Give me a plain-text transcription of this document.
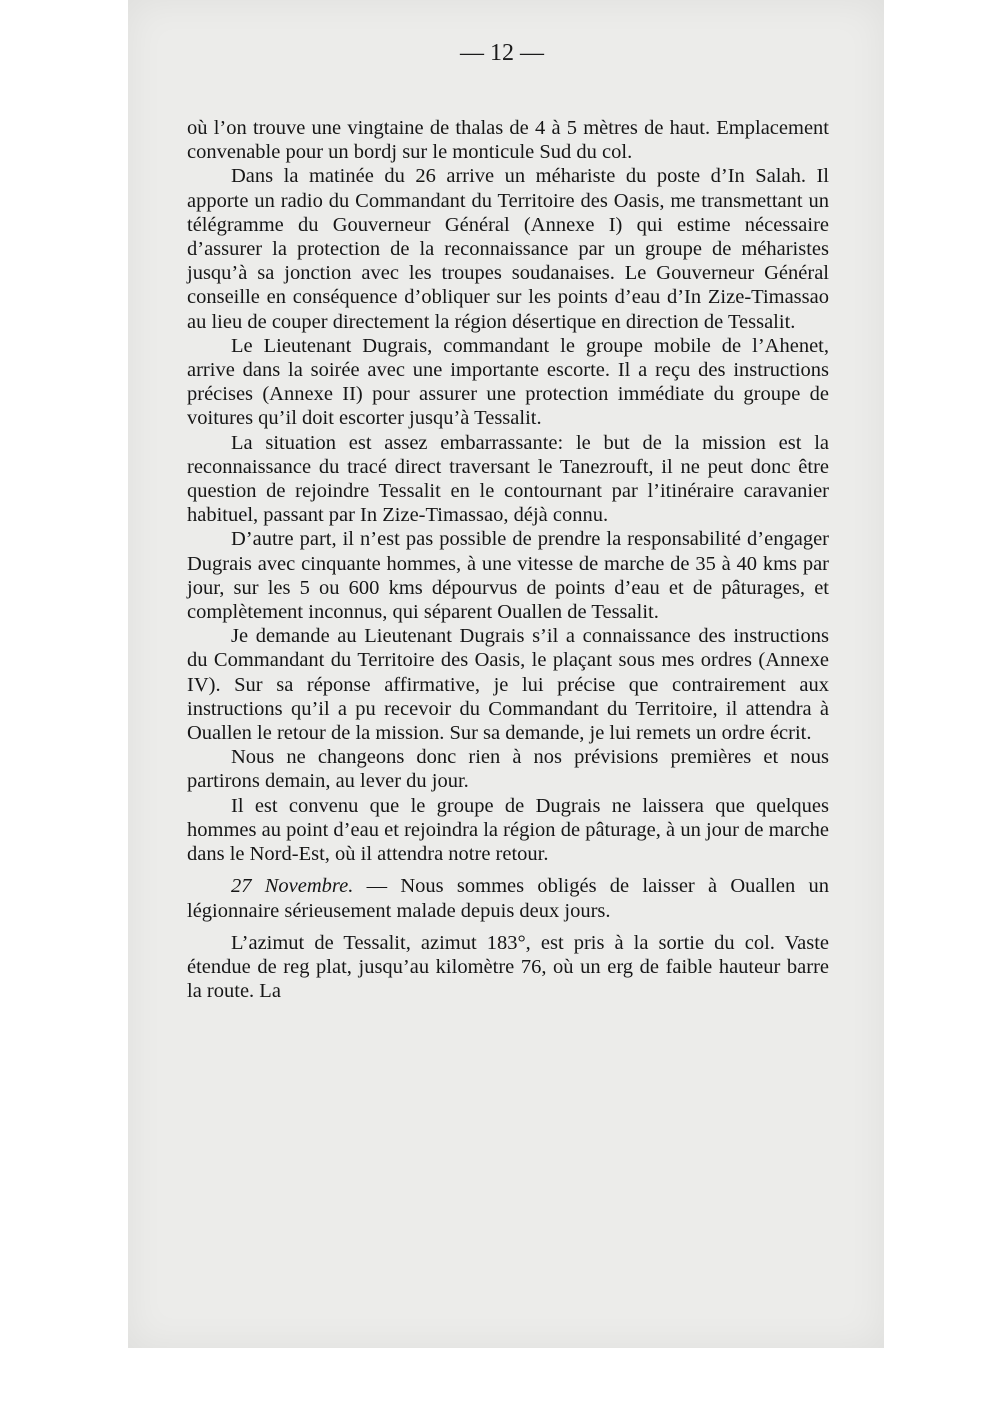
— 12 —

où l’on trouve une vingtaine de thalas de 4 à 5 mètres de haut. Emplacement convenable pour un bordj sur le monticule Sud du col.

Dans la matinée du 26 arrive un méhariste du poste d’In Salah. Il apporte un radio du Commandant du Territoire des Oasis, me transmettant un télégramme du Gouverneur Général (Annexe I) qui estime nécessaire d’assurer la protection de la reconnaissance par un groupe de méharistes jusqu’à sa jonction avec les troupes soudanaises. Le Gouverneur Général conseille en conséquence d’obliquer sur les points d’eau d’In Zize-Timassao au lieu de couper directement la région désertique en direction de Tessalit.

Le Lieutenant Dugrais, commandant le groupe mobile de l’Ahenet, arrive dans la soirée avec une importante escorte. Il a reçu des instructions précises (Annexe II) pour assurer une protection immédiate du groupe de voitures qu’il doit escorter jusqu’à Tessalit.

La situation est assez embarrassante: le but de la mission est la reconnaissance du tracé direct traversant le Tanezrouft, il ne peut donc être question de rejoindre Tessalit en le contournant par l’itinéraire caravanier habituel, passant par In Zize-Timassao, déjà connu.

D’autre part, il n’est pas possible de prendre la responsabilité d’engager Dugrais avec cinquante hommes, à une vitesse de marche de 35 à 40 kms par jour, sur les 5 ou 600 kms dépourvus de points d’eau et de pâturages, et complètement inconnus, qui séparent Ouallen de Tessalit.

Je demande au Lieutenant Dugrais s’il a connaissance des instructions du Commandant du Territoire des Oasis, le plaçant sous mes ordres (Annexe IV). Sur sa réponse affirmative, je lui précise que contrairement aux instructions qu’il a pu recevoir du Commandant du Territoire, il attendra à Ouallen le retour de la mission. Sur sa demande, je lui remets un ordre écrit.

Nous ne changeons donc rien à nos prévisions premières et nous partirons demain, au lever du jour.

Il est convenu que le groupe de Dugrais ne laissera que quelques hommes au point d’eau et rejoindra la région de pâturage, à un jour de marche dans le Nord-Est, où il attendra notre retour.

27 Novembre. — Nous sommes obligés de laisser à Ouallen un légionnaire sérieusement malade depuis deux jours.

L’azimut de Tessalit, azimut 183°, est pris à la sortie du col. Vaste étendue de reg plat, jusqu’au kilomètre 76, où un erg de faible hauteur barre la route. La
